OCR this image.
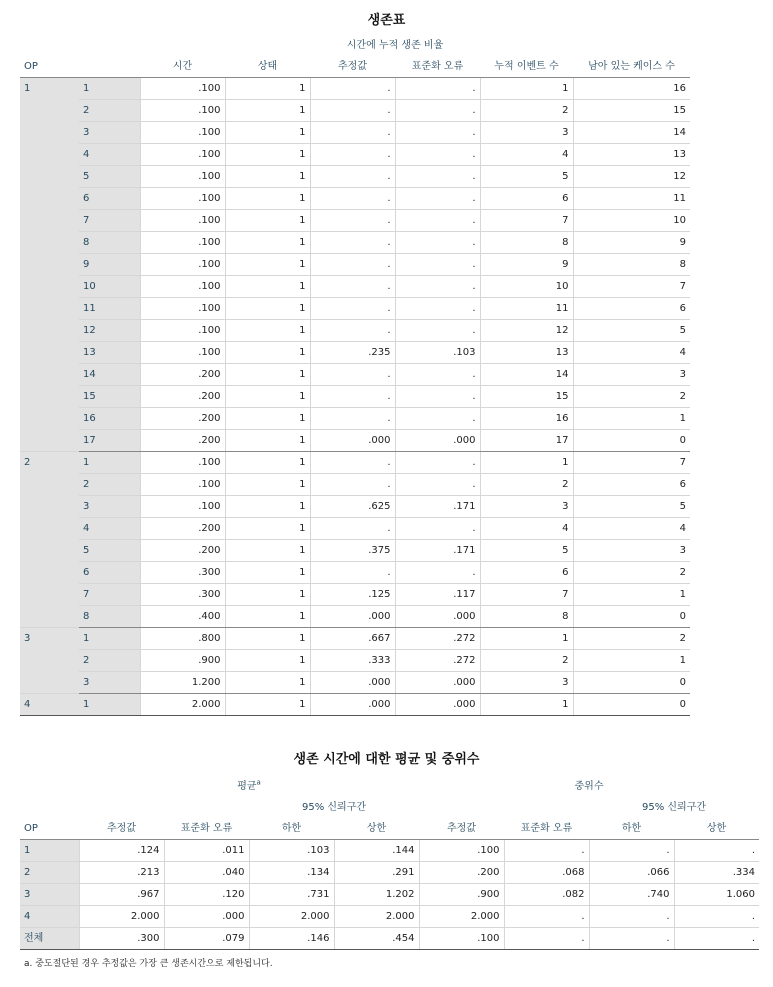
생존표
				시간에 누적 생존 비율			
OP		시간	상태	추정값	표준화 오류	누적 이벤트 수	남아 있는 케이스 수
1	1	.100	1	.	.	1	16
	2	.100	1	.	.	2	15
	3	.100	1	.	.	3	14
	4	.100	1	.	.	4	13
	5	.100	1	.	.	5	12
	6	.100	1	.	.	6	11
	7	.100	1	.	.	7	10
	8	.100	1	.	.	8	9
	9	.100	1	.	.	9	8
	10	.100	1	.	.	10	7
	11	.100	1	.	.	11	6
	12	.100	1	.	.	12	5
	13	.100	1	.235	.103	13	4
	14	.200	1	.	.	14	3
	15	.200	1	.	.	15	2
	16	.200	1	.	.	16	1
	17	.200	1	.000	.000	17	0
2	1	.100	1	.	.	1	7
	2	.100	1	.	.	2	6
	3	.100	1	.625	.171	3	5
	4	.200	1	.	.	4	4
	5	.200	1	.375	.171	5	3
	6	.300	1	.	.	6	2
	7	.300	1	.125	.117	7	1
	8	.400	1	.000	.000	8	0
3	1	.800	1	.667	.272	1	2
	2	.900	1	.333	.272	2	1
	3	1.200	1	.000	.000	3	0
4	1	2.000	1	.000	.000	1	0
생존 시간에 대한 평균 및 중위수
	평균$^a$				중위수			
			95% 신뢰구간				95% 신뢰구간	
OP	추정값	표준화 오류	하한	상한	추정값	표준화 오류	하한	상한
1	.124	.011	.103	.144	.100	.	.	.
2	.213	.040	.134	.291	.200	.068	.066	.334
3	.967	.120	.731	1.202	.900	.082	.740	1.060
4	2.000	.000	2.000	2.000	2.000	.	.	.
전체	.300	.079	.146	.454	.100	.	.	.
a. 중도절단된 경우 추정값은 가장 큰 생존시간으로 제한됩니다.
